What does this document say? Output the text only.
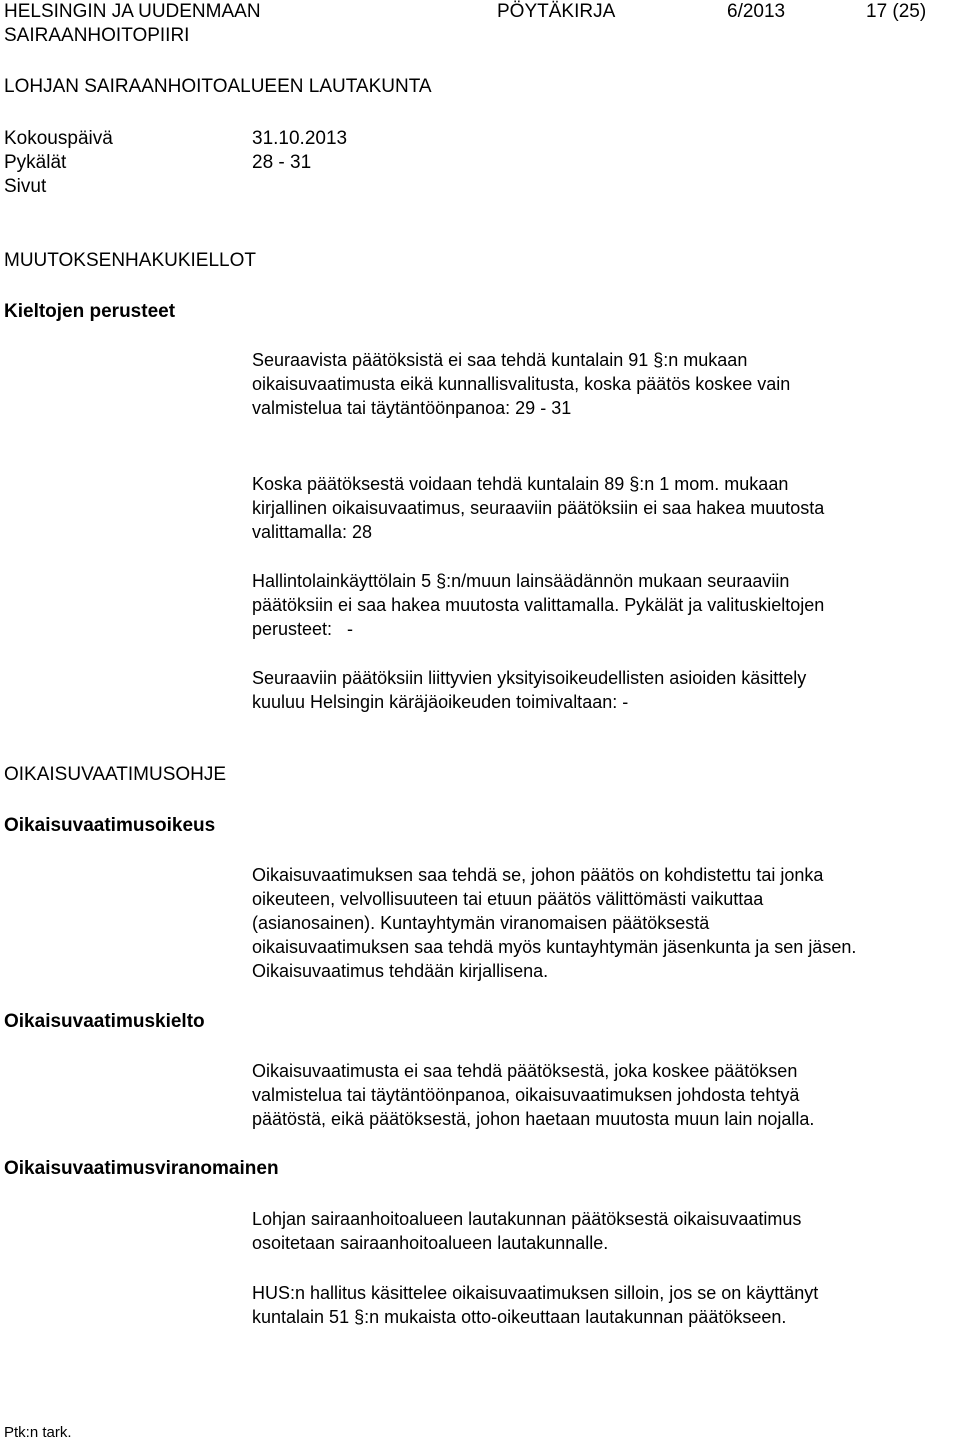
HELSINGIN JA UUDENMAAN
SAIRAANHOITOPIIRI
PÖYTÄKIRJA	6/2013	17 (25)
LOHJAN SAIRAANHOITOALUEEN LAUTAKUNTA
Kokouspäivä	31.10.2013
Pykälät	28 - 31
Sivut
MUUTOKSENHAKUKIELLOT
Kieltojen perusteet
Seuraavista päätöksistä ei saa tehdä kuntalain 91 §:n mukaan
oikaisuvaatimusta eikä kunnallisvalitusta, koska päätös koskee vain
valmistelua tai täytäntöönpanoa: 29 - 31
Koska päätöksestä voidaan tehdä kuntalain 89 §:n 1 mom. mukaan
kirjallinen oikaisuvaatimus, seuraaviin päätöksiin ei saa hakea muutosta
valittamalla: 28
Hallintolainkäyttölain 5 §:n/muun lainsäädännön mukaan seuraaviin
päätöksiin ei saa hakea muutosta valittamalla. Pykälät ja valituskieltojen
perusteet:   -
Seuraaviin päätöksiin liittyvien yksityisoikeudellisten asioiden käsittely
kuuluu Helsingin käräjäoikeuden toimivaltaan: -
OIKAISUVAATIMUSOHJE
Oikaisuvaatimusoikeus
Oikaisuvaatimuksen saa tehdä se, johon päätös on kohdistettu tai jonka
oikeuteen, velvollisuuteen tai etuun päätös välittömästi vaikuttaa
(asianosainen). Kuntayhtymän viranomaisen päätöksestä
oikaisuvaatimuksen saa tehdä myös kuntayhtymän jäsenkunta ja sen jäsen.
Oikaisuvaatimus tehdään kirjallisena.
Oikaisuvaatimuskielto
Oikaisuvaatimusta ei saa tehdä päätöksestä, joka koskee päätöksen
valmistelua tai täytäntöönpanoa, oikaisuvaatimuksen johdosta tehtyä
päätöstä, eikä päätöksestä, johon haetaan muutosta muun lain nojalla.
Oikaisuvaatimusviranomainen
Lohjan sairaanhoitoalueen lautakunnan päätöksestä oikaisuvaatimus
osoitetaan sairaanhoitoalueen lautakunnalle.
HUS:n hallitus käsittelee oikaisuvaatimuksen silloin, jos se on käyttänyt
kuntalain 51 §:n mukaista otto-oikeuttaan lautakunnan päätökseen.
Ptk:n tark.
